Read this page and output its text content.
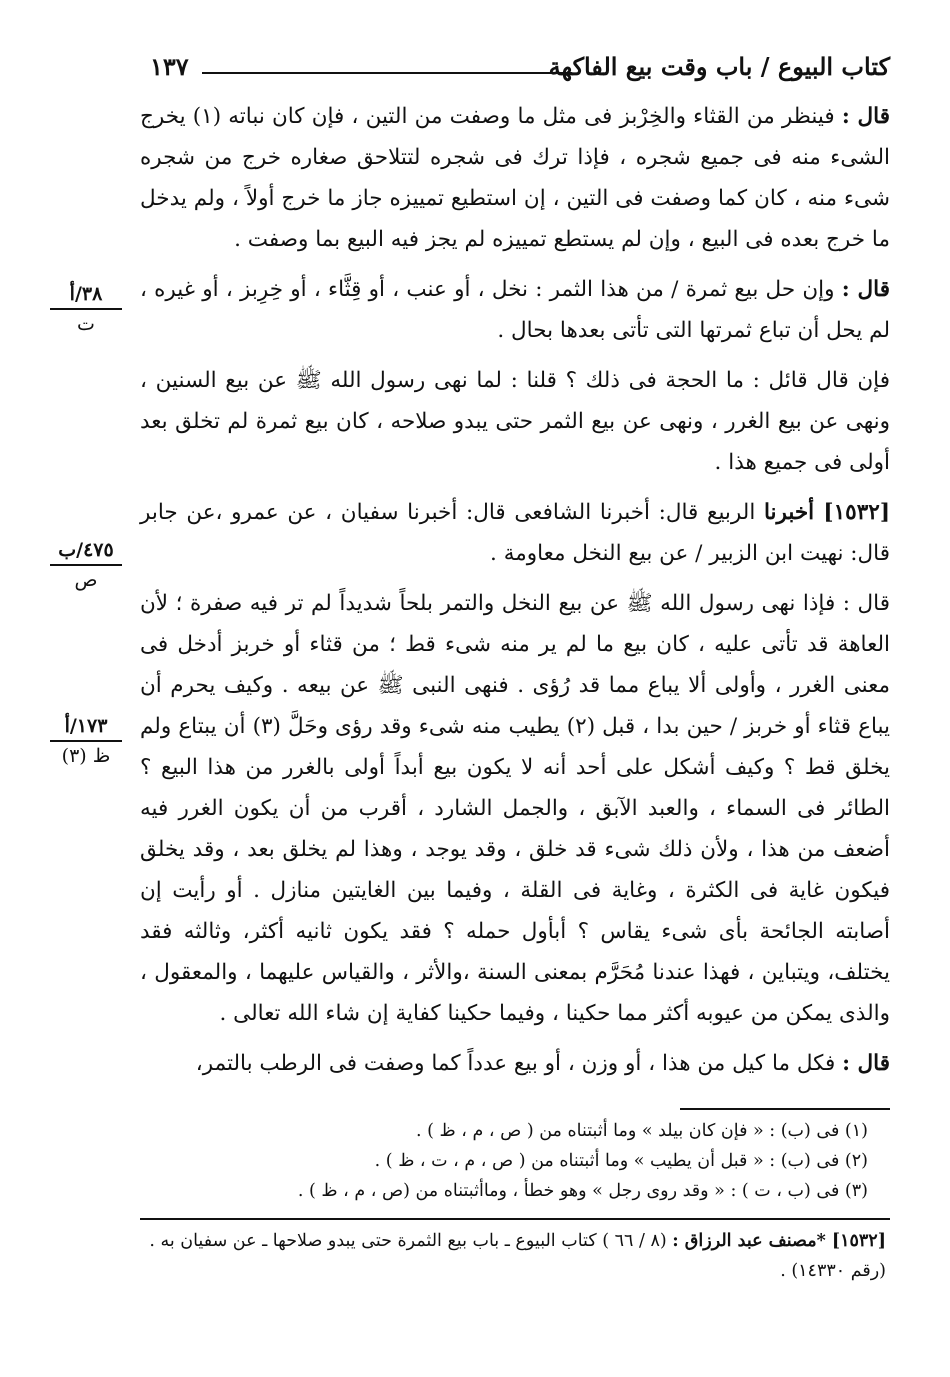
كتاب البيوع / باب وقت بيع الفاكهة
١٣٧
٣٨/أ
ت
٤٧٥/ب
ص
١٧٣/أ
ظ (٣)

قال : فينظر من القثاء والخِرْبز فى مثل ما وصفت من التين ، فإن كان نباته (١) يخرج الشىء منه فى جميع شجره ، فإذا ترك فى شجره لتتلاحق صغاره خرج من شجره شىء منه ، كان كما وصفت فى التين ، إن استطيع تمييزه جاز ما خرج أولاً ، ولم يدخل ما خرج بعده فى البيع ، وإن لم يستطع تمييزه لم يجز فيه البيع بما وصفت .

قال : وإن حل بيع ثمرة / من هذا الثمر : نخل ، أو عنب ، أو قِثَّاء ، أو خِرِبز ، أو غيره ، لم يحل أن تباع ثمرتها التى تأتى بعدها بحال .

فإن قال قائل : ما الحجة فى ذلك ؟ قلنا : لما نهى رسول الله ﷺ عن بيع السنين ، ونهى عن بيع الغرر ، ونهى عن بيع الثمر حتى يبدو صلاحه ، كان بيع ثمرة لم تخلق بعد أولى فى جميع هذا .

[١٥٣٢] أخبرنا الربيع قال: أخبرنا الشافعى قال: أخبرنا سفيان ، عن عمرو ،عن جابر قال: نهيت ابن الزبير / عن بيع النخل معاومة .

قال : فإذا نهى رسول الله ﷺ عن بيع النخل والتمر بلحاً شديداً لم تر فيه صفرة ؛ لأن العاهة قد تأتى عليه ، كان بيع ما لم ير منه شىء قط ؛ من قثاء أو خربز أدخل فى معنى الغرر ، وأولى ألا يباع مما قد رُؤى . فنهى النبى ﷺ عن بيعه . وكيف يحرم أن يباع قثاء أو خربز / حين بدا ، قبل (٢) يطيب منه شىء وقد رؤى وحَلَّ (٣) أن يبتاع ولم يخلق قط ؟ وكيف أشكل على أحد أنه لا يكون بيع أبداً أولى بالغرر من هذا البيع ؟ الطائر فى السماء ، والعبد الآبق ، والجمل الشارد ، أقرب من أن يكون الغرر فيه أضعف من هذا ، ولأن ذلك شىء قد خلق ، وقد يوجد ، وهذا لم يخلق بعد ، وقد يخلق فيكون غاية فى الكثرة ، وغاية فى القلة ، وفيما بين الغايتين منازل . أو رأيت إن أصابته الجائحة بأى شىء يقاس ؟ أبأول حمله ؟ فقد يكون ثانيه أكثر، وثالثه فقد يختلف، ويتباين ، فهذا عندنا مُحَرَّم بمعنى السنة ،والأثر ، والقياس عليهما ، والمعقول ، والذى يمكن من عيوبه أكثر مما حكينا ، وفيما حكينا كفاية إن شاء الله تعالى .

قال : فكل ما كيل من هذا ، أو وزن ، أو بيع عدداً كما وصفت فى الرطب بالتمر،

(١) فى (ب) : « فإن كان بيلد » وما أثبتناه من ( ص ، م ، ظ ) .
(٢) فى (ب) : « قبل أن يطيب » وما أثبتناه من ( ص ، م ، ت ، ظ ) .
(٣) فى (ب ، ت ) : « وقد روى رجل » وهو خطأ ، وماأثبتناه من (ص ، م ، ظ ) .
[١٥٣٢] *مصنف عبد الرزاق : (٨ / ٦٦ ) كتاب البيوع ـ باب بيع الثمرة حتى يبدو صلاحها ـ عن سفيان به .
(رقم ١٤٣٣٠) .
